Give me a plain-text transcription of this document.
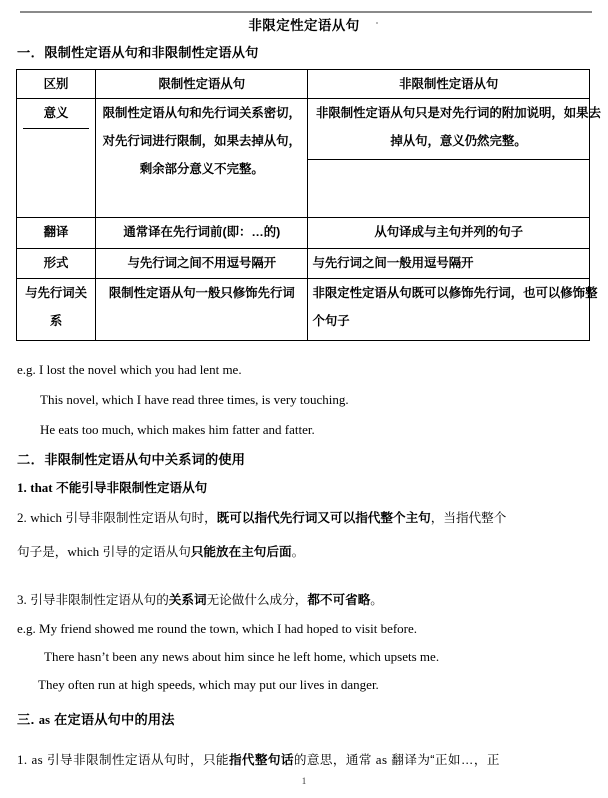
非限定性定语从句
一．限制性定语从句和非限制性定语从句
区别	限制性定语从句	非限制性定语从句

意义	限制性定语从句和先行词关系密切，对先行词进行限制，如果去掉从句，剩余部分意义不完整。	非限制性定语从句只是对先行词的附加说明，如果去掉从句，意义仍然完整。

翻译	通常译在先行词前(即：…的)	从句译成与主句并列的句子

形式	与先行词之间不用逗号隔开	与先行词之间一般用逗号隔开

与先行词关系	限制性定语从句一般只修饰先行词	非限定性定语从句既可以修饰先行词，也可以修饰整个句子
e.g. I lost the novel which you had lent me.
This novel, which I have read three times, is very touching.
He eats too much, which makes him fatter and fatter.
二．非限制性定语从句中关系词的使用
1. that 不能引导非限制性定语从句
2. which 引导非限制性定语从句时，既可以指代先行词又可以指代整个主句，当指代整个
句子是，which 引导的定语从句只能放在主句后面。
3. 引导非限制性定语从句的关系词无论做什么成分，都不可省略。
e.g. My friend showed me round the town, which I had hoped to visit before.
There hasn’t been any news about him since he left home, which upsets me.
They often run at high speeds, which may put our lives in danger.
三. as 在定语从句中的用法
1. as 引导非限制性定语从句时，只能指代整句话的意思，通常 as 翻译为“正如…，正
1
